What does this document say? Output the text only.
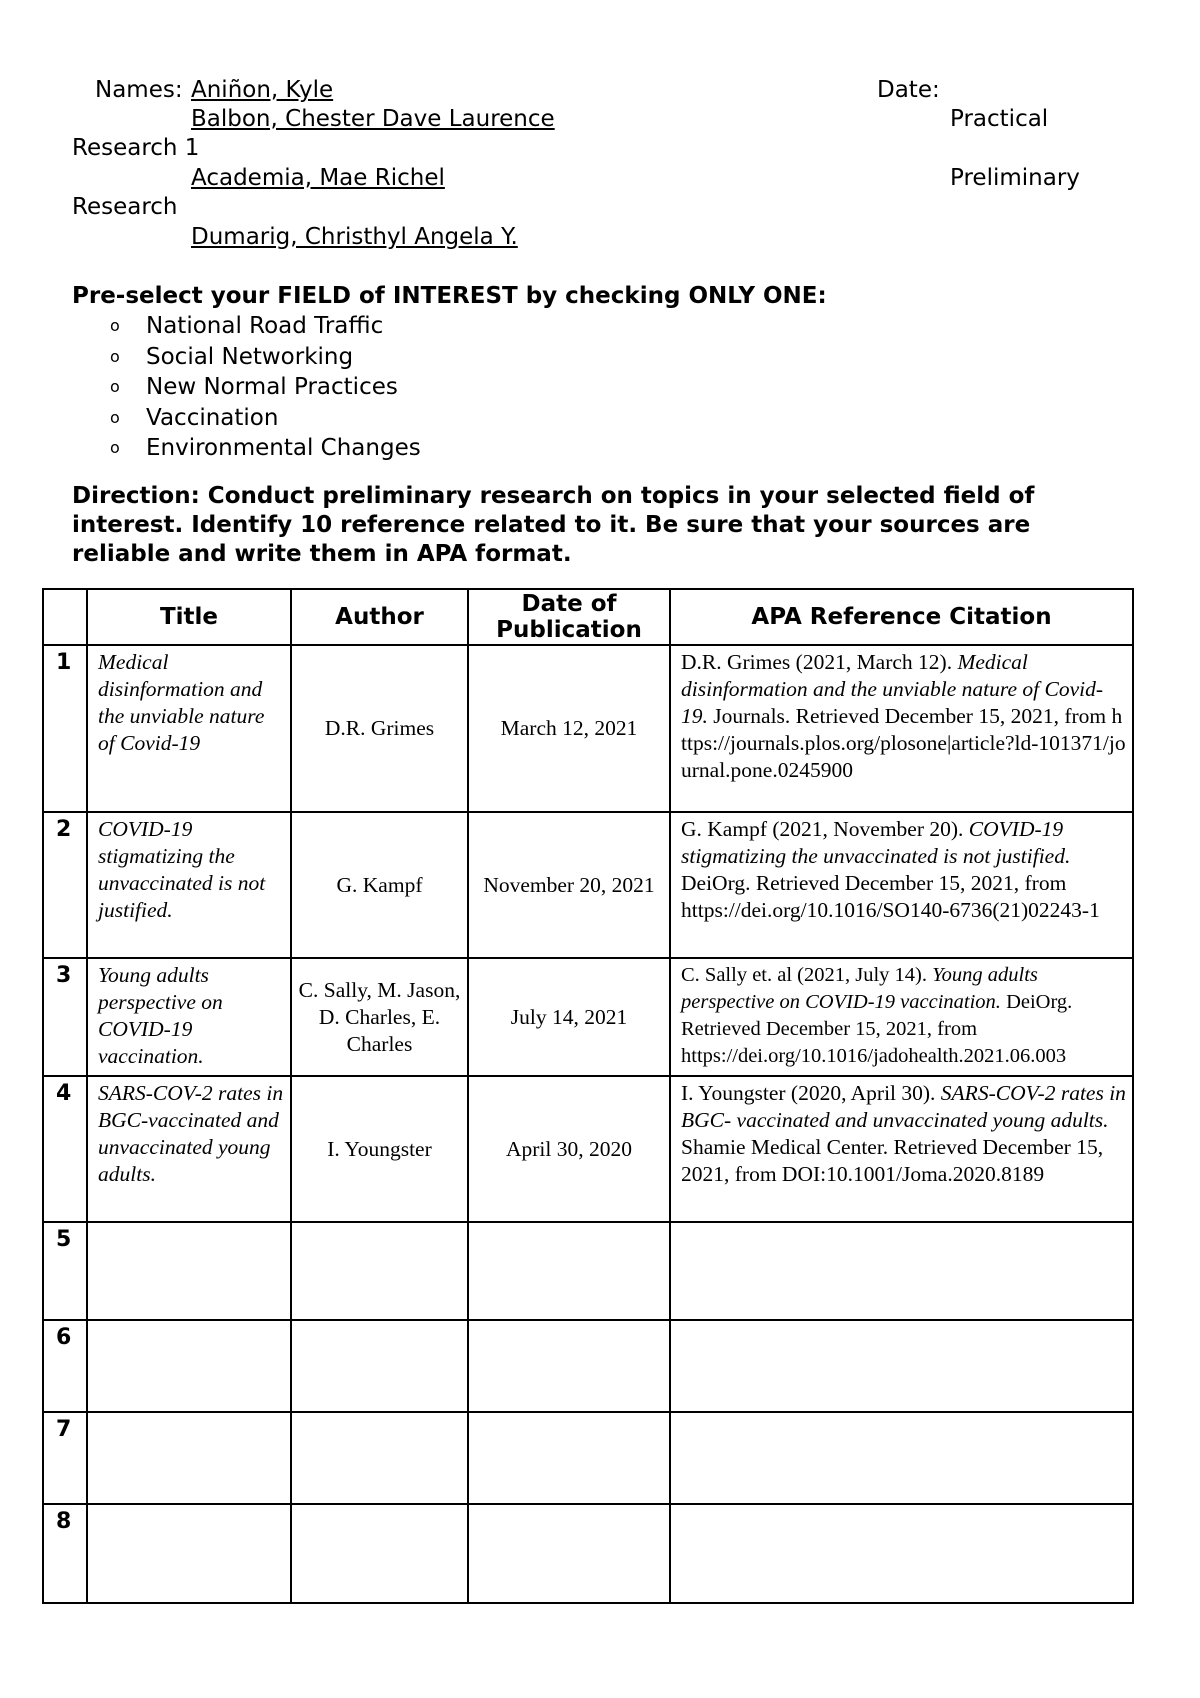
Names: Aniñon, Kyle	Date:
Balbon, Chester Dave Laurence	Practical
Research 1
Academia, Mae Richel	Preliminary
Research
Dumarig, Christhyl Angela Y.
Pre-select your FIELD of INTEREST by checking ONLY ONE:
o	National Road Traffic
o	Social Networking
o	New Normal Practices
o	Vaccination
o	Environmental Changes
Direction: Conduct preliminary research on topics in your selected field of interest. Identify 10 reference related to it. Be sure that your sources are reliable and write them in APA format.
	Title	Author	Date of
Publication	APA Reference Citation
1	Medical disinformation and the unviable nature of Covid-19	D.R. Grimes	March 12, 2021	D.R. Grimes (2021, March 12). Medical disinformation and the unviable nature of Covid-19. Journals. Retrieved December 15, 2021, from https://journals.plos.org/plosone|article?ld-101371/journal.pone.0245900
2	COVID-19 stigmatizing the unvaccinated is not justified.	G. Kampf	November 20, 2021	G. Kampf (2021, November 20). COVID-19 stigmatizing the unvaccinated is not justified. DeiOrg. Retrieved December 15, 2021, from https://dei.org/10.1016/SO140-6736(21)02243-1
3	Young adults perspective on COVID-19 vaccination.	C. Sally, M. Jason, D. Charles, E. Charles	July 14, 2021	C. Sally et. al (2021, July 14). Young adults perspective on COVID-19 vaccination. DeiOrg. Retrieved December 15, 2021, from https://dei.org/10.1016/jadohealth.2021.06.003
4	SARS-COV-2 rates in BGC-vaccinated and unvaccinated young adults.	I. Youngster	April 30, 2020	I. Youngster (2020, April 30). SARS-COV-2 rates in BGC- vaccinated and unvaccinated young adults. Shamie Medical Center. Retrieved December 15, 2021, from DOI:10.1001/Joma.2020.8189
5				
6				
7				
8				
